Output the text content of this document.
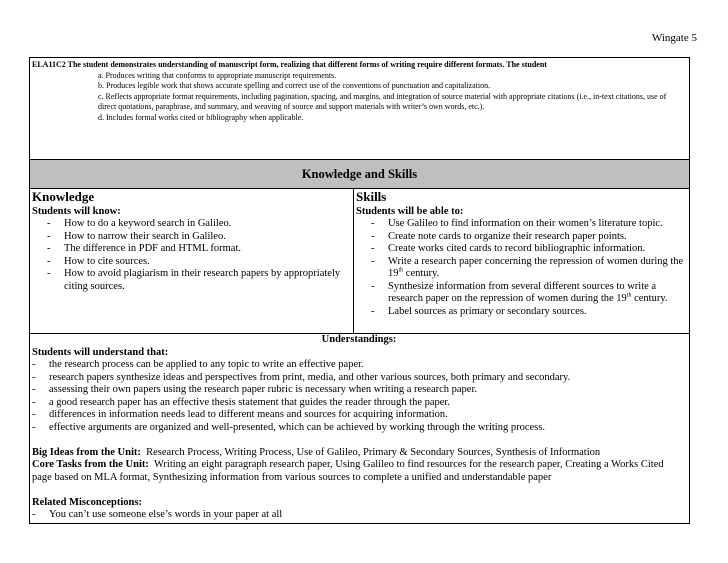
Wingate 5
ELA11C2 The student demonstrates understanding of manuscript form, realizing that different forms of writing require different formats. The student
a. Produces writing that conforms to appropriate manuscript requirements.
b. Produces legible work that shows accurate spelling and correct use of the conventions of punctuation and capitalization.
c. Reflects appropriate format requirements, including pagination, spacing, and margins, and integration of source material with appropriate citations (i.e., in-text citations, use of direct quotations, paraphrase, and summary, and weaving of source and support materials with writer’s own words, etc.).
d. Includes formal works cited or bibliography when applicable.
Knowledge and Skills
Knowledge
Students will know:
- How to do a keyword search in Galileo.
- How to narrow their search in Galileo.
- The difference in PDF and HTML format.
- How to cite sources.
- How to avoid plagiarism in their research papers by appropriately citing sources.
Skills
Students will be able to:
- Use Galileo to find information on their women’s literature topic.
- Create note cards to organize their research paper points.
- Create works cited cards to record bibliographic information.
- Write a research paper concerning the repression of women during the 19th century.
- Synthesize information from several different sources to write a research paper on the repression of women during the 19th century.
- Label sources as primary or secondary sources.
Understandings:
Students will understand that:
- the research process can be applied to any topic to write an effective paper.
- research papers synthesize ideas and perspectives from print, media, and other various sources, both primary and secondary.
- assessing their own papers using the research paper rubric is necessary when writing a research paper.
- a good research paper has an effective thesis statement that guides the reader through the paper.
- differences in information needs lead to different means and sources for acquiring information.
- effective arguments are organized and well-presented, which can be achieved by working through the writing process.
Big Ideas from the Unit: Research Process, Writing Process, Use of Galileo, Primary & Secondary Sources, Synthesis of Information
Core Tasks from the Unit: Writing an eight paragraph research paper, Using Galileo to find resources for the research paper, Creating a Works Cited page based on MLA format, Synthesizing information from various sources to complete a unified and understandable paper
Related Misconceptions:
- You can’t use someone else’s words in your paper at all
